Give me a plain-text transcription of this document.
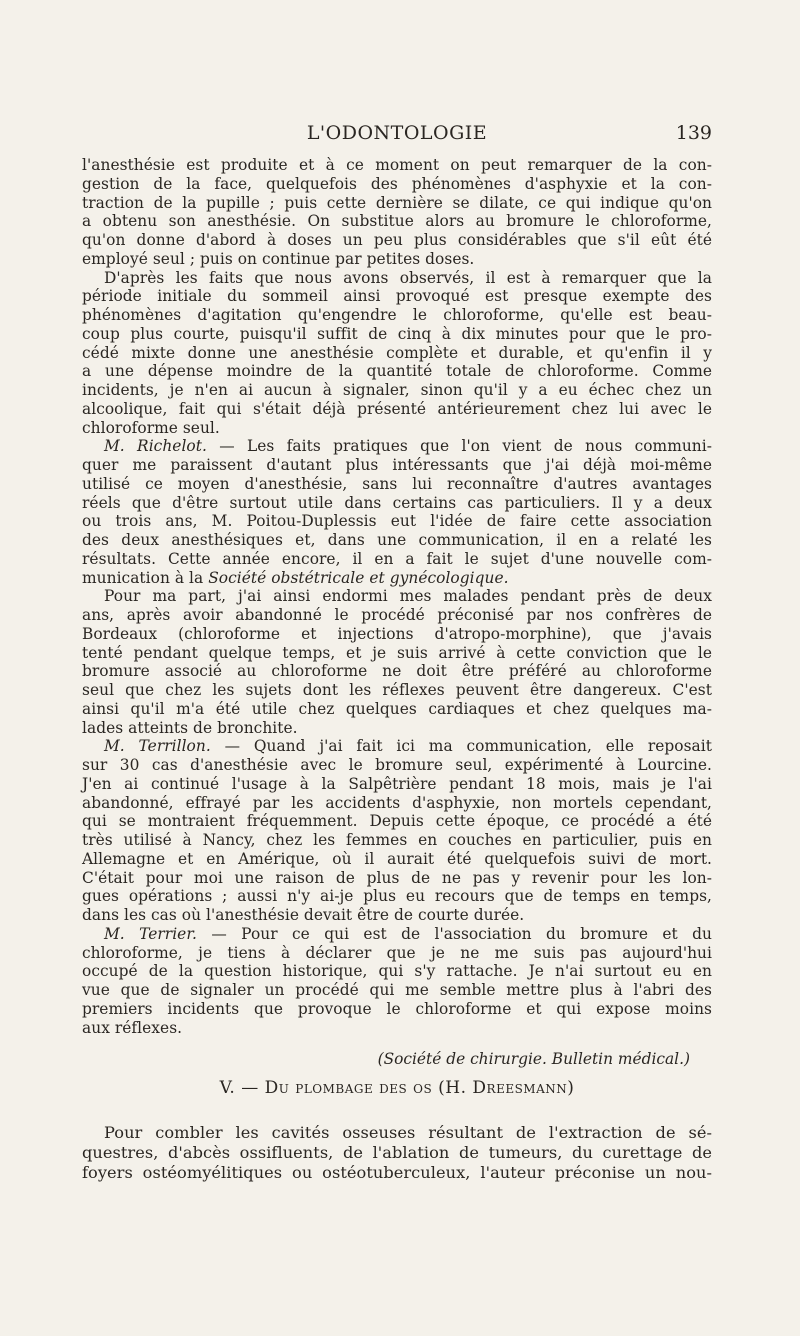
L'ODONTOLOGIE	139
l'anesthésie est produite et à ce moment on peut remarquer de la con-
gestion de la face, quelquefois des phénomènes d'asphyxie et la con-
traction de la pupille ; puis cette dernière se dilate, ce qui indique qu'on
a obtenu son anesthésie. On substitue alors au bromure le chloroforme,
qu'on donne d'abord à doses un peu plus considérables que s'il eût été
employé seul ; puis on continue par petites doses.
D'après les faits que nous avons observés, il est à remarquer que la
période initiale du sommeil ainsi provoqué est presque exempte des
phénomènes d'agitation qu'engendre le chloroforme, qu'elle est beau-
coup plus courte, puisqu'il suffit de cinq à dix minutes pour que le pro-
cédé mixte donne une anesthésie complète et durable, et qu'enfin il y
a une dépense moindre de la quantité totale de chloroforme. Comme
incidents, je n'en ai aucun à signaler, sinon qu'il y a eu échec chez un
alcoolique, fait qui s'était déjà présenté antérieurement chez lui avec le
chloroforme seul.
M. Richelot. — Les faits pratiques que l'on vient de nous communi-
quer me paraissent d'autant plus intéressants que j'ai déjà moi-même
utilisé ce moyen d'anesthésie, sans lui reconnaître d'autres avantages
réels que d'être surtout utile dans certains cas particuliers. Il y a deux
ou trois ans, M. Poitou-Duplessis eut l'idée de faire cette association
des deux anesthésiques et, dans une communication, il en a relaté les
résultats. Cette année encore, il en a fait le sujet d'une nouvelle com-
munication à la Société obstétricale et gynécologique.
Pour ma part, j'ai ainsi endormi mes malades pendant près de deux
ans, après avoir abandonné le procédé préconisé par nos confrères de
Bordeaux (chloroforme et injections d'atropo-morphine), que j'avais
tenté pendant quelque temps, et je suis arrivé à cette conviction que le
bromure associé au chloroforme ne doit être préféré au chloroforme
seul que chez les sujets dont les réflexes peuvent être dangereux. C'est
ainsi qu'il m'a été utile chez quelques cardiaques et chez quelques ma-
lades atteints de bronchite.
M. Terrillon. — Quand j'ai fait ici ma communication, elle reposait
sur 30 cas d'anesthésie avec le bromure seul, expérimenté à Lourcine.
J'en ai continué l'usage à la Salpêtrière pendant 18 mois, mais je l'ai
abandonné, effrayé par les accidents d'asphyxie, non mortels cependant,
qui se montraient fréquemment. Depuis cette époque, ce procédé a été
très utilisé à Nancy, chez les femmes en couches en particulier, puis en
Allemagne et en Amérique, où il aurait été quelquefois suivi de mort.
C'était pour moi une raison de plus de ne pas y revenir pour les lon-
gues opérations ; aussi n'y ai-je plus eu recours que de temps en temps,
dans les cas où l'anesthésie devait être de courte durée.
M. Terrier. — Pour ce qui est de l'association du bromure et du
chloroforme, je tiens à déclarer que je ne me suis pas aujourd'hui
occupé de la question historique, qui s'y rattache. Je n'ai surtout eu en
vue que de signaler un procédé qui me semble mettre plus à l'abri des
premiers incidents que provoque le chloroforme et qui expose moins
aux réflexes.
(Société de chirurgie. Bulletin médical.)
V. — Du plombage des os (H. Dreesmann)
Pour combler les cavités osseuses résultant de l'extraction de sé-
questres, d'abcès ossifluents, de l'ablation de tumeurs, du curettage de
foyers ostéomyélitiques ou ostéotuberculeux, l'auteur préconise un nou-
